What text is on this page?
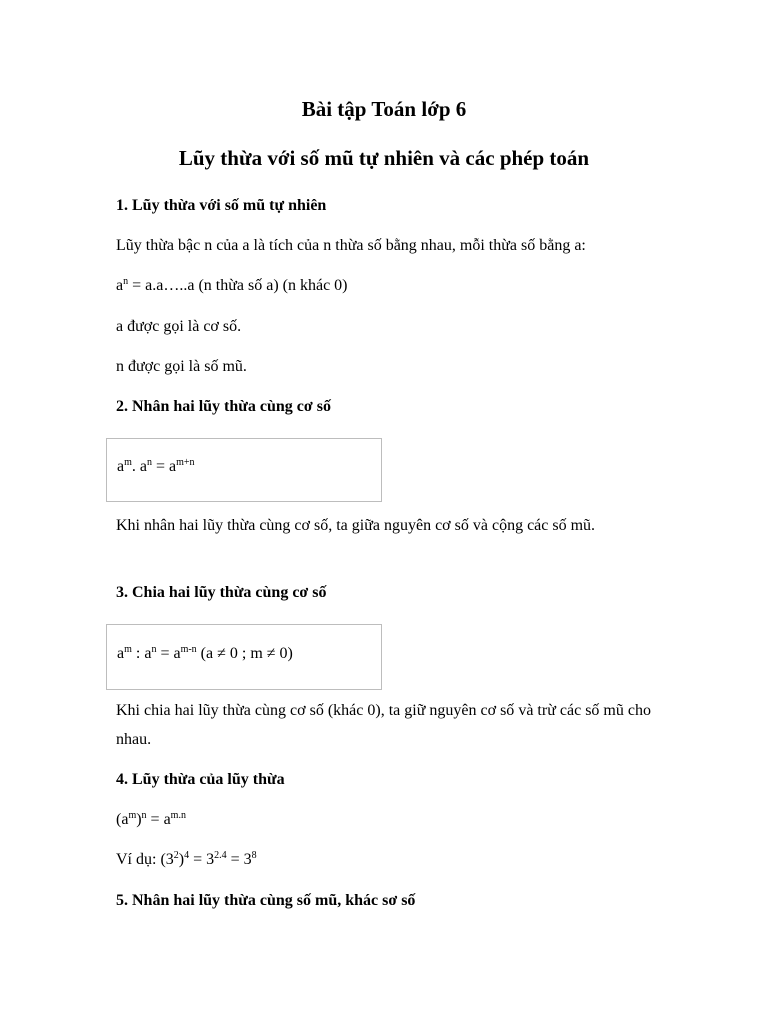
Bài tập Toán lớp 6
Lũy thừa với số mũ tự nhiên và các phép toán
1. Lũy thừa với số mũ tự nhiên
Lũy thừa bậc n của a là tích của n thừa số bằng nhau, mỗi thừa số bằng a:
$a^n$ = a.a…..a (n thừa số a) (n khác 0)
a được gọi là cơ số.
n được gọi là số mũ.
2. Nhân hai lũy thừa cùng cơ số
$a^m$. $a^n = a^{m+n}$
Khi nhân hai lũy thừa cùng cơ số, ta giữa nguyên cơ số và cộng các số mũ.
3. Chia hai lũy thừa cùng cơ số
$a^m$ : $a^n = a^{m-n}$ (a ≠ 0 ; m ≠ 0)
Khi chia hai lũy thừa cùng cơ số (khác 0), ta giữ nguyên cơ số và trừ các số mũ cho nhau.
4. Lũy thừa của lũy thừa
$(a^m)^n = a^{m.n}$
Ví dụ: $(3^2)^4 = 3^{2.4} = 3^8$
5. Nhân hai lũy thừa cùng số mũ, khác sơ số
